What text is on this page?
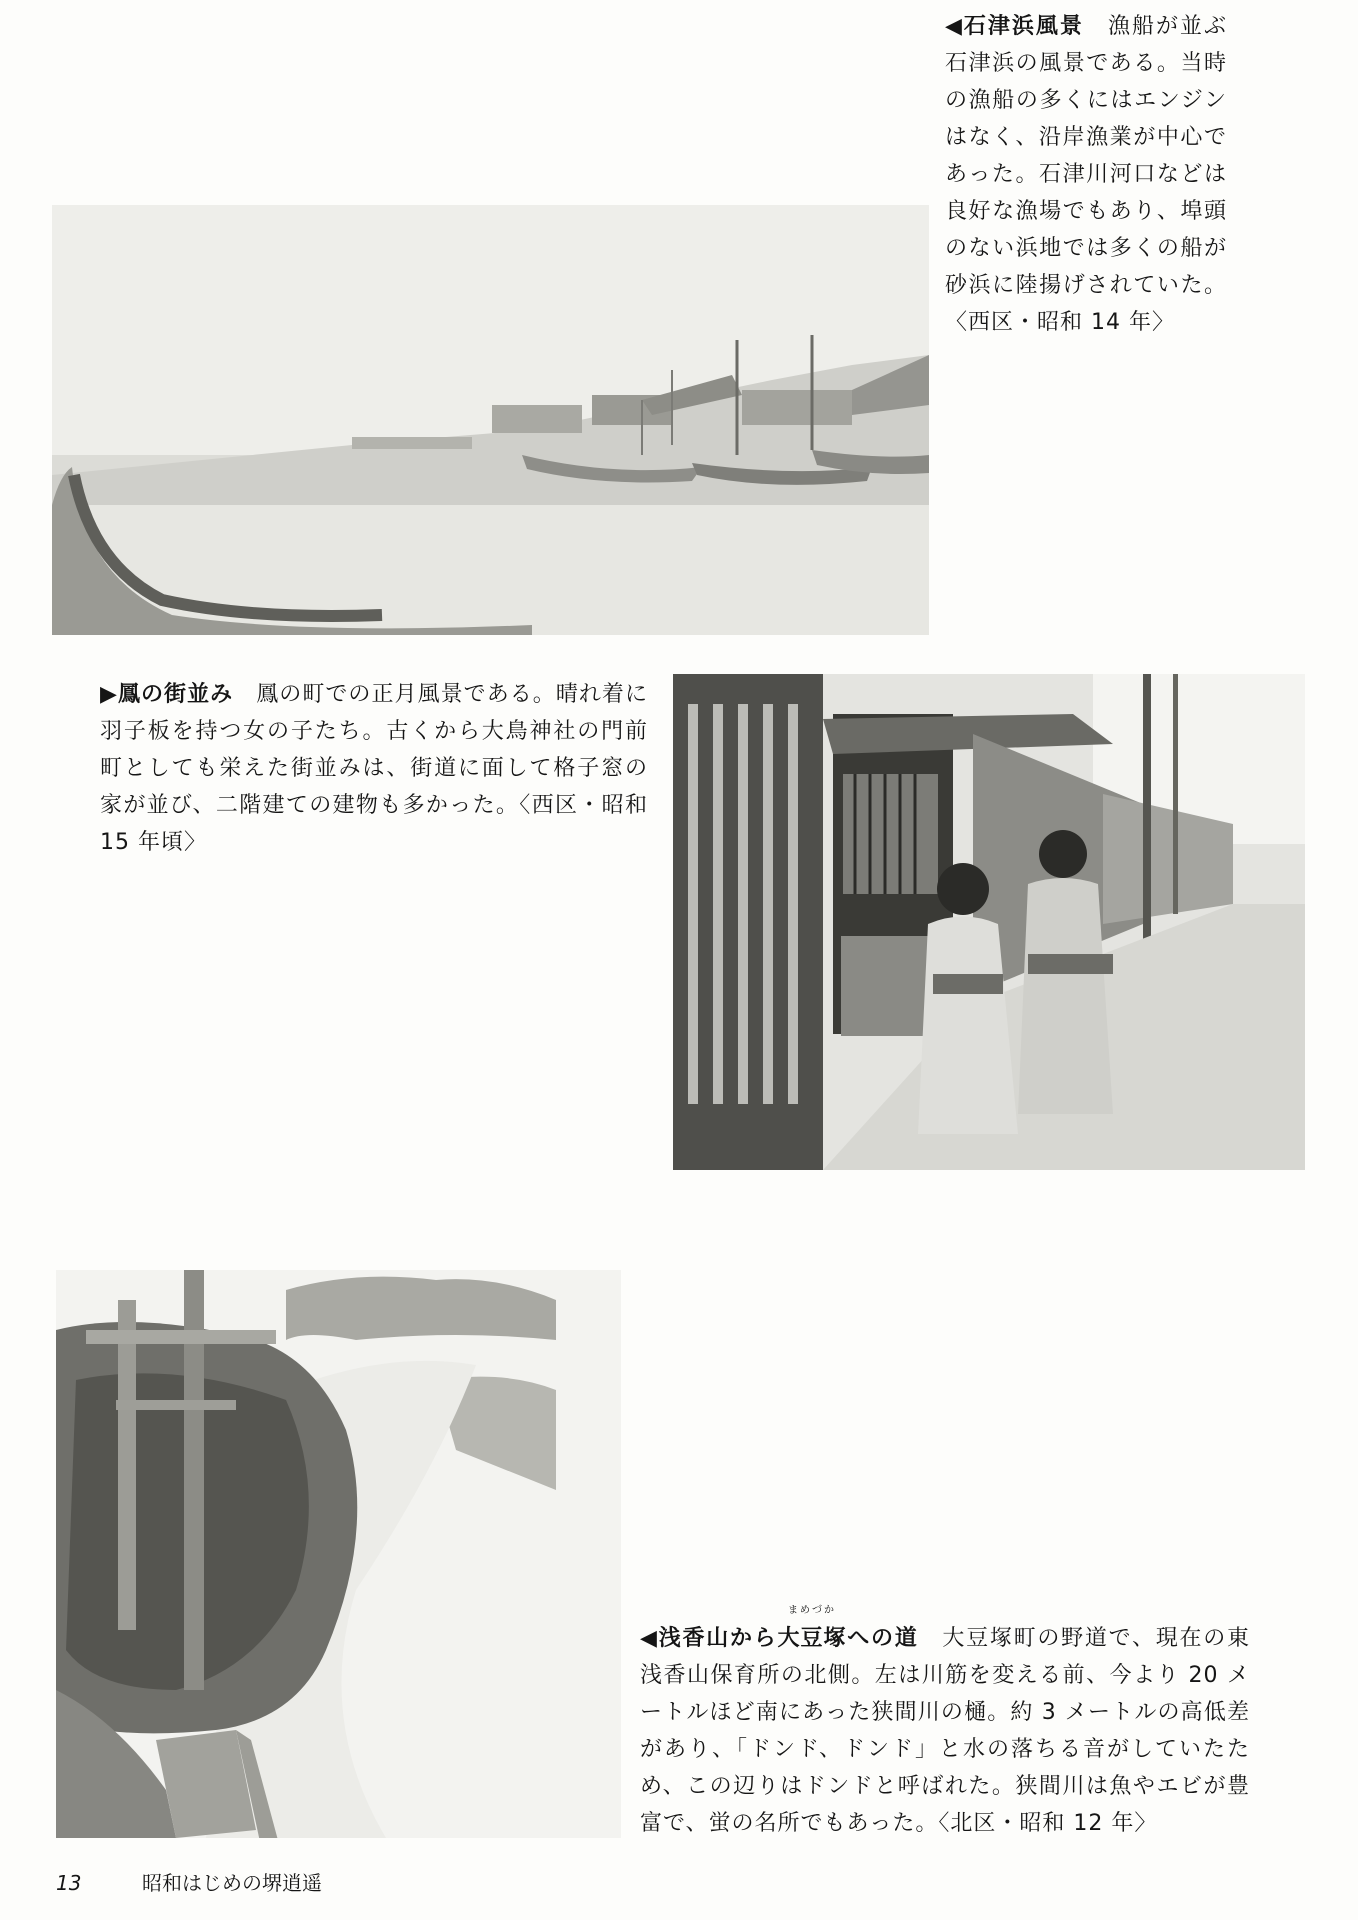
◀石津浜風景　 漁船が並ぶ石津浜の風景である。当時の漁船の多くにはエンジンはなく、沿岸漁業が中心であった。石津川河口などは良好な漁場でもあり、埠頭のない浜地では多くの船が砂浜に陸揚げされていた。〈西区・昭和 14 年〉

▶鳳の街並み　 鳳の町での正月風景である。晴れ着に羽子板を持つ女の子たち。古くから大鳥神社の門前町としても栄えた街並みは、街道に面して格子窓の家が並び、二階建ての建物も多かった。〈西区・昭和 15 年頃〉

◀浅香山から大豆塚
まめづか
への道　 大豆塚町の野道で、現在の東浅香山保育所の北側。左は川筋を変える前、今より 20 メートルほど南にあった狭間川の樋。約 3 メートルの高低差があり、「ドンド、ドンド」と水の落ちる音がしていたため、この辺りはドンドと呼ばれた。狭間川は魚やエビが豊富で、蛍の名所でもあった。〈北区・昭和 12 年〉

13	昭和はじめの堺逍遥
